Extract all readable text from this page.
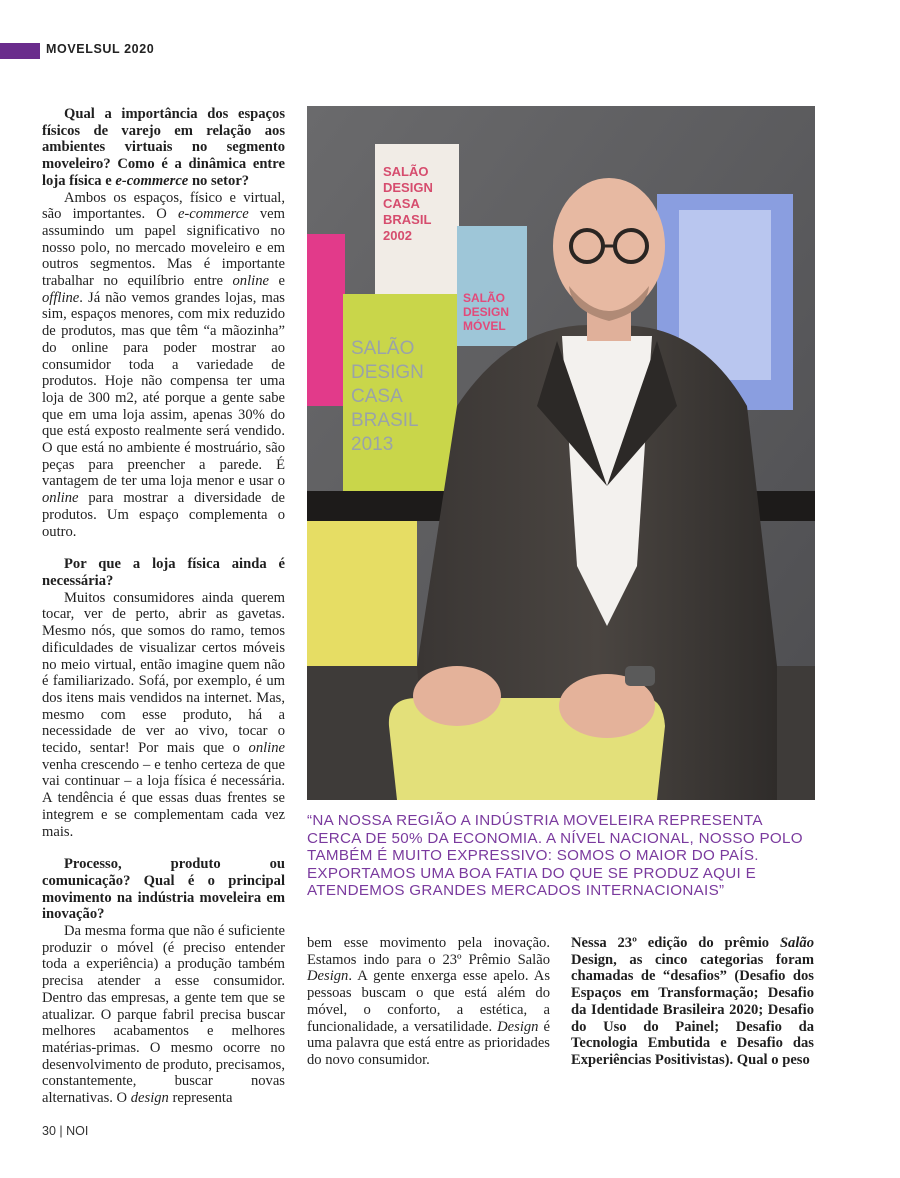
MOVELSUL 2020

Qual a importância dos espaços físicos de varejo em relação aos ambientes virtuais no segmento moveleiro? Como é a dinâmica entre loja física e e-commerce no setor?

Ambos os espaços, físico e virtual, são importantes. O e-commerce vem assumindo um papel significativo no nosso polo, no mercado moveleiro e em outros segmentos. Mas é importante trabalhar no equilíbrio entre online e offline. Já não vemos grandes lojas, mas sim, espaços menores, com mix reduzido de produtos, mas que têm “a mãozinha” do online para poder mostrar ao consumidor toda a variedade de produtos. Hoje não compensa ter uma loja de 300 m2, até porque a gente sabe que em uma loja assim, apenas 30% do que está exposto realmente será vendido. O que está no ambiente é mostruário, são peças para preencher a parede. É vantagem de ter uma loja menor e usar o online para mostrar a diversidade de produtos. Um espaço complementa o outro.

Por que a loja física ainda é necessária?

Muitos consumidores ainda querem tocar, ver de perto, abrir as gavetas. Mesmo nós, que somos do ramo, temos dificuldades de visualizar certos móveis no meio virtual, então imagine quem não é familiarizado. Sofá, por exemplo, é um dos itens mais vendidos na internet. Mas, mesmo com esse produto, há a necessidade de ver ao vivo, tocar o tecido, sentar! Por mais que o online venha crescendo – e tenho certeza de que vai continuar – a loja física é necessária. A tendência é que essas duas frentes se integrem e se complementam cada vez mais.

Processo, produto ou comunicação? Qual é o principal movimento na indústria moveleira em inovação?

Da mesma forma que não é suficiente produzir o móvel (é preciso entender toda a experiência) a produção também precisa atender a esse consumidor. Dentro das empresas, a gente tem que se atualizar. O parque fabril precisa buscar melhores acabamentos e melhores matérias-primas. O mesmo ocorre no desenvolvimento de produto, precisamos, constantemente, buscar novas alternativas. O design representa

SALÃO
DESIGN
CASA
BRASIL
2002
SALÃO
DESIGN
MÓVEL
SALÃO
DESIGN
CASA
BRASIL
2013
“NA NOSSA REGIÃO A INDÚSTRIA MOVELEIRA REPRESENTA CERCA DE 50% DA ECONOMIA. A NÍVEL NACIONAL, NOSSO POLO TAMBÉM É MUITO EXPRESSIVO: SOMOS O MAIOR DO PAÍS. EXPORTAMOS UMA BOA FATIA DO QUE SE PRODUZ AQUI E ATENDEMOS GRANDES MERCADOS INTERNACIONAIS”

bem esse movimento pela inovação. Estamos indo para o 23º Prêmio Salão Design. A gente enxerga esse apelo. As pessoas buscam o que está além do móvel, o conforto, a estética, a funcionalidade, a versatilidade. Design é uma palavra que está entre as prioridades do novo consumidor.

Nessa 23º edição do prêmio Salão Design, as cinco categorias foram chamadas de “desafios” (Desafio dos Espaços em Transformação; Desafio da Identidade Brasileira 2020; Desafio do Uso do Painel; Desafio da Tecnologia Embutida e Desafio das Experiências Positivistas). Qual o peso

30 | NOI
